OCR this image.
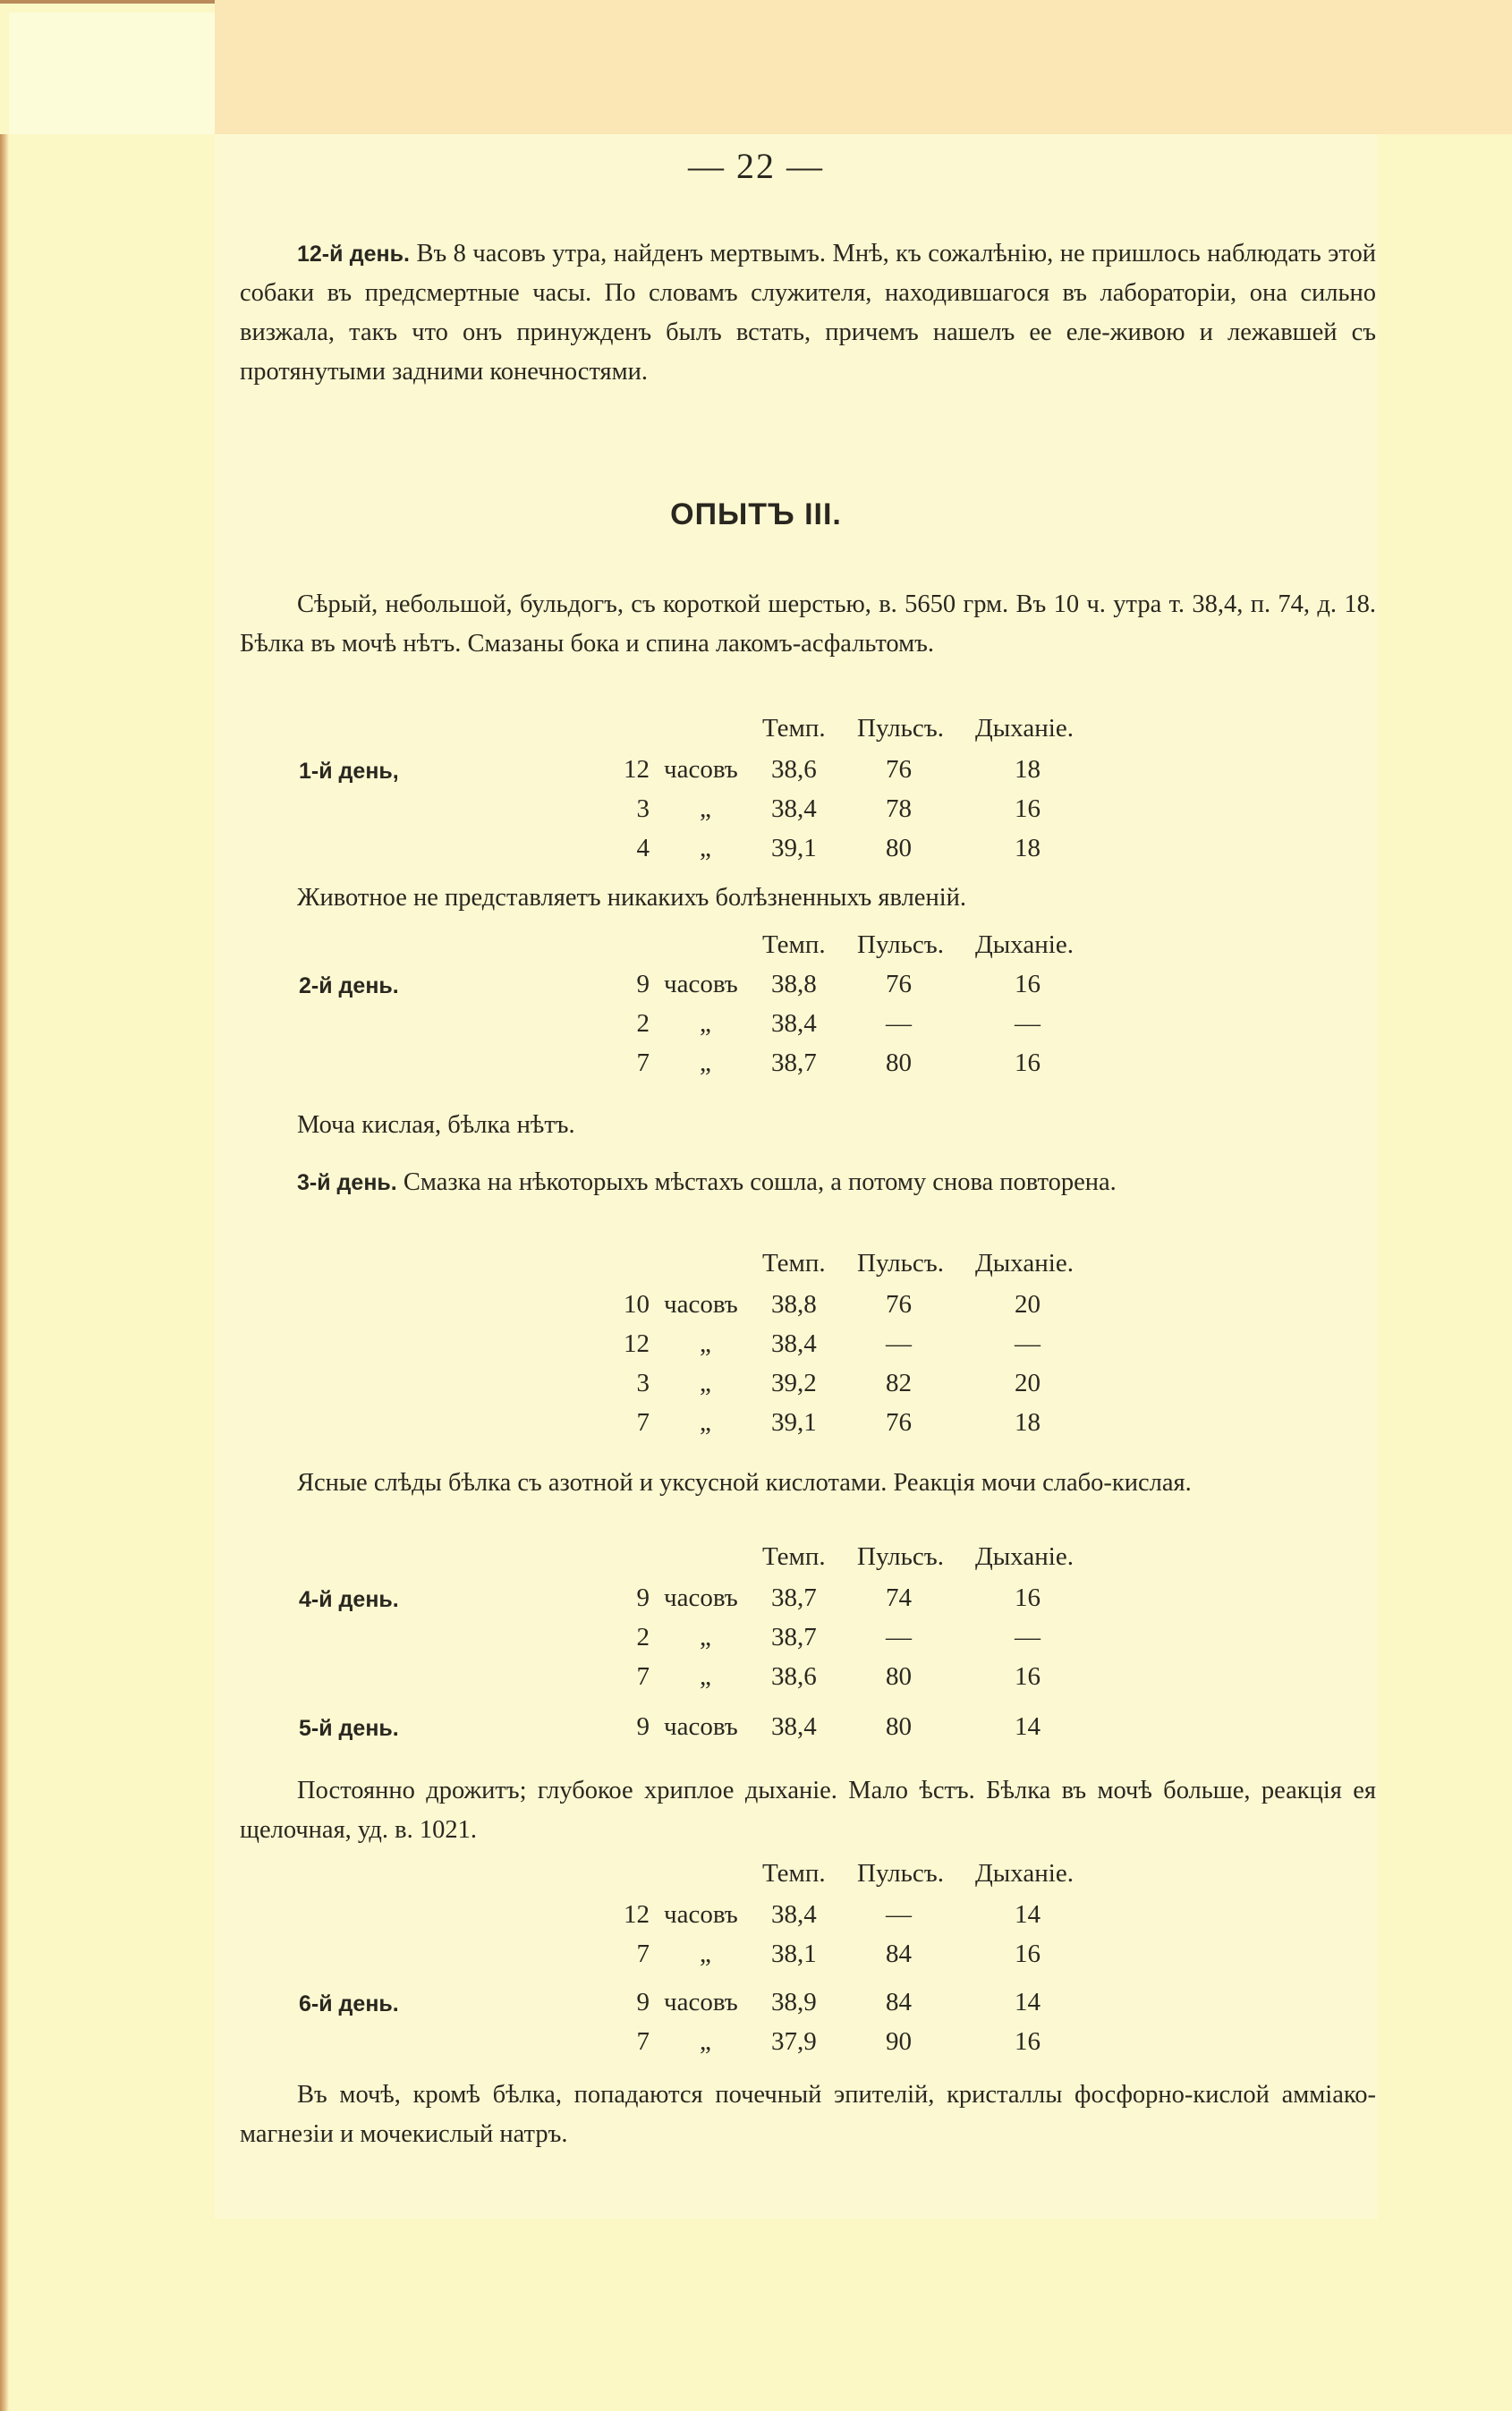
— 22 —
12-й день. Въ 8 часовъ утра, найденъ мертвымъ. Мнѣ, къ сожалѣнію, не пришлось наблюдать этой собаки въ предсмертные часы. По словамъ служителя, находившагося въ лабораторіи, она сильно визжала, такъ что онъ принужденъ былъ встать, причемъ нашелъ ее еле-живою и лежавшей съ протянутыми задними конечностями.
ОПЫТЪ III.
Сѣрый, небольшой, бульдогъ, съ короткой шерстью, в. 5650 грм. Въ 10 ч. утра т. 38,4, п. 74, д. 18. Бѣлка въ мочѣ нѣтъ. Смазаны бока и спина лакомъ-асфальтомъ.
Темп. Пульсъ. Дыханіе.
1-й день,	12 часовъ 38,6	76	18
3 „ 38,4	78	16
4 „ 39,1	80	18
Темп. Пульсъ. Дыханіе.
2-й день.	9 часовъ 38,8	76	16
2 „ 38,4	—	—
7 „ 38,7	80	16
Темп. Пульсъ. Дыханіе.
10 часовъ 38,8	76	20
12 „ 38,4	—	—
3 „ 39,2	82	20
7 „ 39,1	76	18
Темп. Пульсъ. Дыханіе.
4-й день.	9 часовъ 38,7	74	16
2 „ 38,7	—	—
7 „ 38,6	80	16
5-й день.	9 часовъ 38,4	80	14
Темп. Пульсъ. Дыханіе.
12 часовъ 38,4	—	14
7 „ 38,1	84	16
6-й день.	9 часовъ 38,9	84	14
7 „ 37,9	90	16
Животное не представляетъ никакихъ болѣзненныхъ явленій.
Моча кислая, бѣлка нѣтъ.
3-й день. Смазка на нѣкоторыхъ мѣстахъ сошла, а потому снова повторена.
Ясные слѣды бѣлка съ азотной и уксусной кислотами. Реакція мочи слабо-кислая.
Постоянно дрожитъ; глубокое хриплое дыханіе. Мало ѣстъ. Бѣлка въ мочѣ больше, реакція ея щелочная, уд. в. 1021.
Въ мочѣ, кромѣ бѣлка, попадаются почечный эпителій, кристаллы фосфорно-кислой амміако-магнезіи и мочекислый натръ.
